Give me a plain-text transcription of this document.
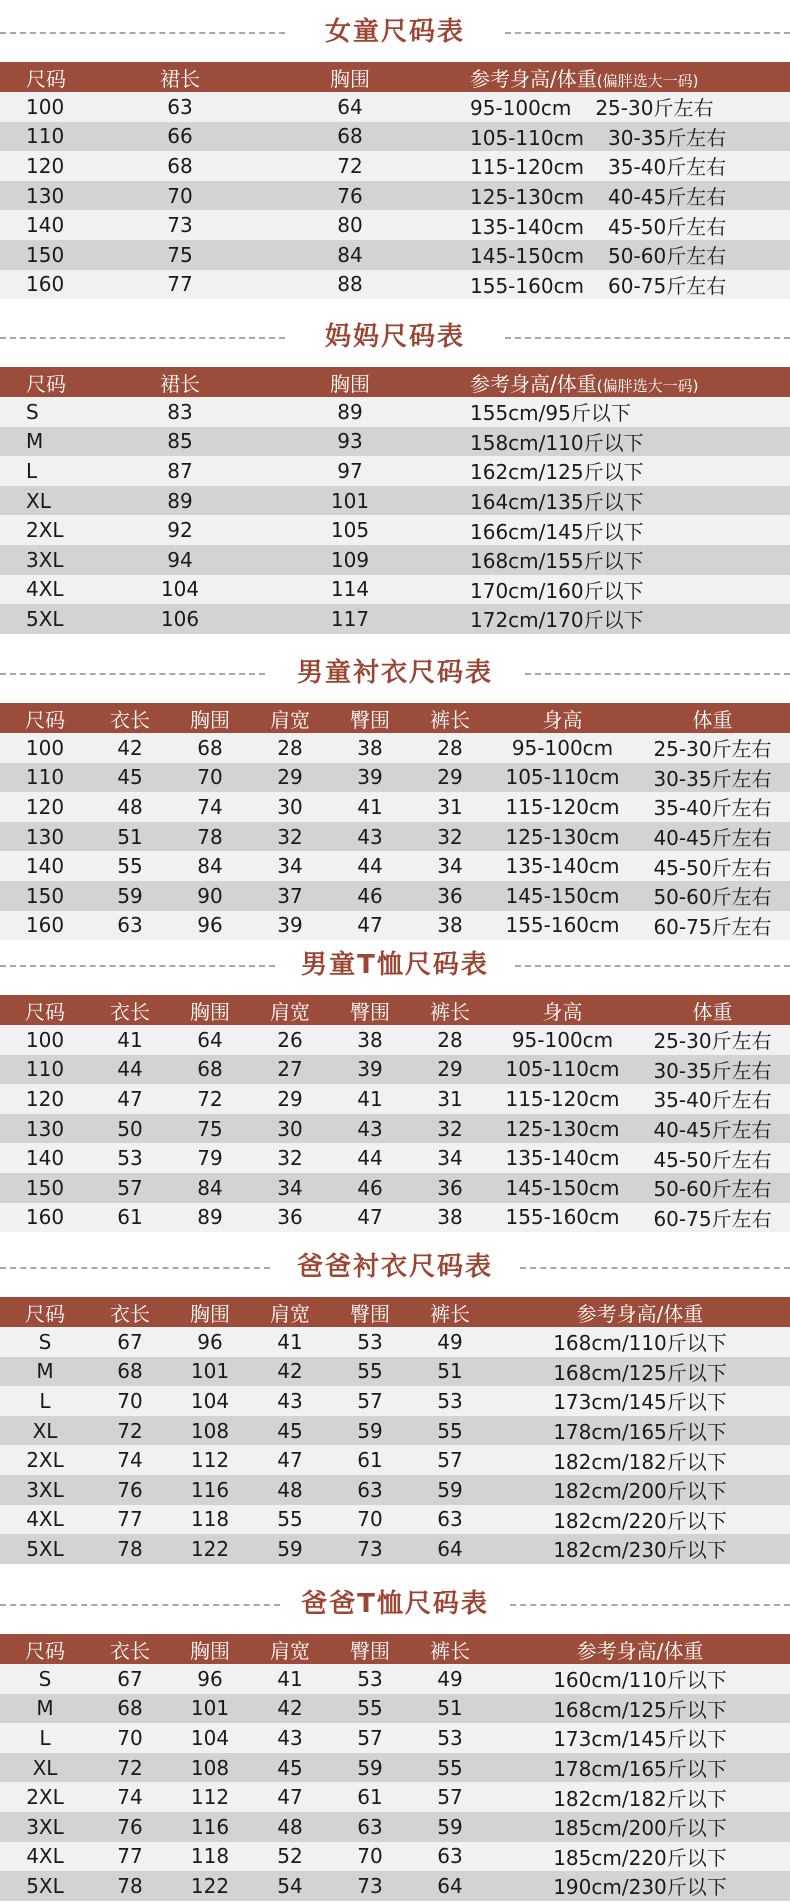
女童尺码表
尺码	裙长	胸围	参考身高/体重(偏胖选大一码)
100	63	64	95-100cm 25-30斤左右
110	66	68	105-110cm 30-35斤左右
120	68	72	115-120cm 35-40斤左右
130	70	76	125-130cm 40-45斤左右
140	73	80	135-140cm 45-50斤左右
150	75	84	145-150cm 50-60斤左右
160	77	88	155-160cm 60-75斤左右
妈妈尺码表
尺码	裙长	胸围	参考身高/体重(偏胖选大一码)
S	83	89	155cm/95斤以下
M	85	93	158cm/110斤以下
L	87	97	162cm/125斤以下
XL	89	101	164cm/135斤以下
2XL	92	105	166cm/145斤以下
3XL	94	109	168cm/155斤以下
4XL	104	114	170cm/160斤以下
5XL	106	117	172cm/170斤以下
男童衬衣尺码表
尺码	衣长	胸围	肩宽	臀围	裤长	身高	体重
100	42	68	28	38	28	95-100cm	25-30斤左右
110	45	70	29	39	29	105-110cm	30-35斤左右
120	48	74	30	41	31	115-120cm	35-40斤左右
130	51	78	32	43	32	125-130cm	40-45斤左右
140	55	84	34	44	34	135-140cm	45-50斤左右
150	59	90	37	46	36	145-150cm	50-60斤左右
160	63	96	39	47	38	155-160cm	60-75斤左右
男童T恤尺码表
尺码	衣长	胸围	肩宽	臀围	裤长	身高	体重
100	41	64	26	38	28	95-100cm	25-30斤左右
110	44	68	27	39	29	105-110cm	30-35斤左右
120	47	72	29	41	31	115-120cm	35-40斤左右
130	50	75	30	43	32	125-130cm	40-45斤左右
140	53	79	32	44	34	135-140cm	45-50斤左右
150	57	84	34	46	36	145-150cm	50-60斤左右
160	61	89	36	47	38	155-160cm	60-75斤左右
爸爸衬衣尺码表
尺码	衣长	胸围	肩宽	臀围	裤长	参考身高/体重
S	67	96	41	53	49	168cm/110斤以下
M	68	101	42	55	51	168cm/125斤以下
L	70	104	43	57	53	173cm/145斤以下
XL	72	108	45	59	55	178cm/165斤以下
2XL	74	112	47	61	57	182cm/182斤以下
3XL	76	116	48	63	59	182cm/200斤以下
4XL	77	118	55	70	63	182cm/220斤以下
5XL	78	122	59	73	64	182cm/230斤以下
爸爸T恤尺码表
尺码	衣长	胸围	肩宽	臀围	裤长	参考身高/体重
S	67	96	41	53	49	160cm/110斤以下
M	68	101	42	55	51	168cm/125斤以下
L	70	104	43	57	53	173cm/145斤以下
XL	72	108	45	59	55	178cm/165斤以下
2XL	74	112	47	61	57	182cm/182斤以下
3XL	76	116	48	63	59	185cm/200斤以下
4XL	77	118	52	70	63	185cm/220斤以下
5XL	78	122	54	73	64	190cm/230斤以下
